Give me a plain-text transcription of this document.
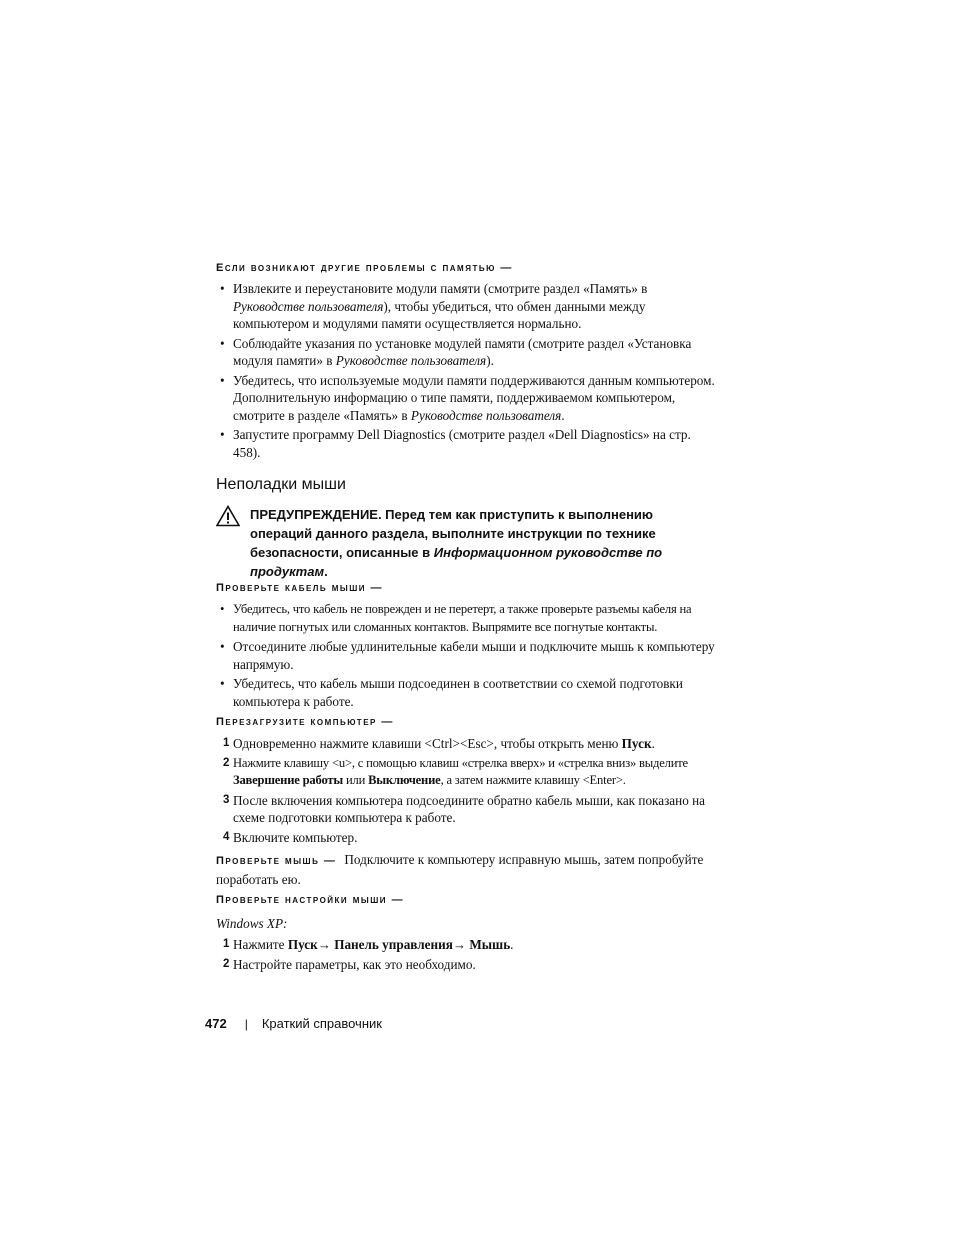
Если возникают другие проблемы с памятью —
• Извлеките и переустановите модули памяти (смотрите раздел «Память» в Руководстве пользователя), чтобы убедиться, что обмен данными между компьютером и модулями памяти осуществляется нормально.
• Соблюдайте указания по установке модулей памяти (смотрите раздел «Установка модуля памяти» в Руководстве пользователя).
• Убедитесь, что используемые модули памяти поддерживаются данным компьютером. Дополнительную информацию о типе памяти, поддерживаемом компьютером, смотрите в разделе «Память» в Руководстве пользователя.
• Запустите программу Dell Diagnostics (смотрите раздел «Dell Diagnostics» на стр. 458).
Неполадки мыши
ПРЕДУПРЕЖДЕНИЕ. Перед тем как приступить к выполнению операций данного раздела, выполните инструкции по технике безопасности, описанные в Информационном руководстве по продуктам.
Проверьте кабель мыши —
• Убедитесь, что кабель не поврежден и не перетерт, а также проверьте разъемы кабеля на наличие погнутых или сломанных контактов. Выпрямите все погнутые контакты.
• Отсоедините любые удлинительные кабели мыши и подключите мышь к компьютеру напрямую.
• Убедитесь, что кабель мыши подсоединен в соответствии со схемой подготовки компьютера к работе.
Перезагрузите компьютер —
1 Одновременно нажмите клавиши <Ctrl><Esc>, чтобы открыть меню Пуск.
2 Нажмите клавишу <u>, с помощью клавиш «стрелка вверх» и «стрелка вниз» выделите Завершение работы или Выключение, а затем нажмите клавишу <Enter>.
3 После включения компьютера подсоедините обратно кабель мыши, как показано на схеме подготовки компьютера к работе.
4 Включите компьютер.
Проверьте мышь — Подключите к компьютеру исправную мышь, затем попробуйте поработать ею.
Проверьте настройки мыши —
Windows XP:
1 Нажмите Пуск→ Панель управления→ Мышь.
2 Настройте параметры, как это необходимо.
472 | Краткий справочник
